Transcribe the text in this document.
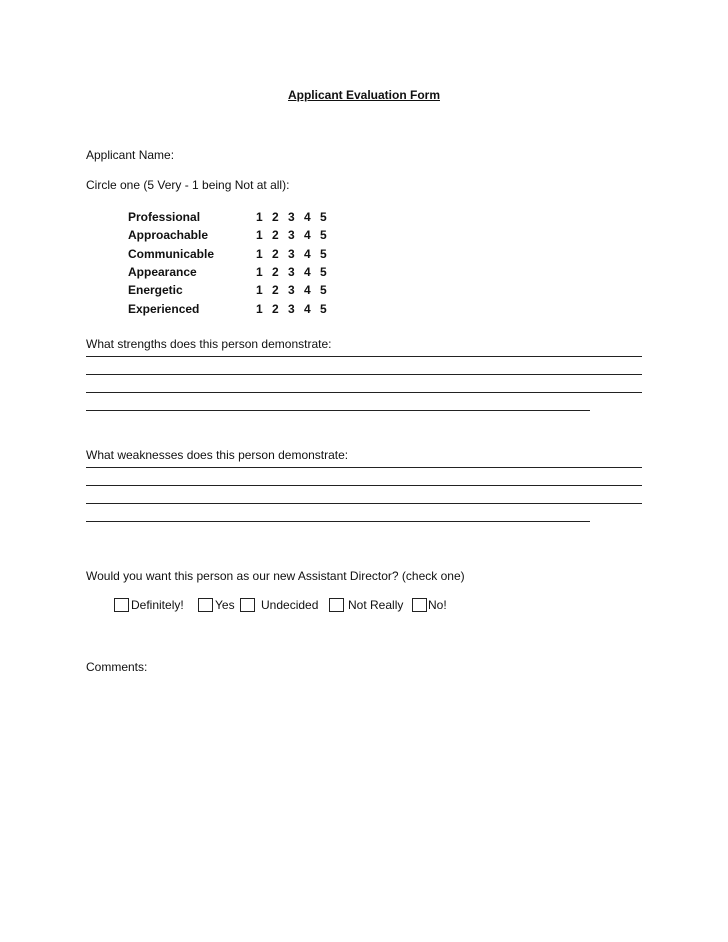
Applicant Evaluation Form
Applicant Name:
Circle one (5 Very - 1 being Not at all):
Professional	1 2 3 4 5
Approachable	1 2 3 4 5
Communicable	1 2 3 4 5
Appearance	1 2 3 4 5
Energetic	1 2 3 4 5
Experienced	1 2 3 4 5
What strengths does this person demonstrate:
What weaknesses does this person demonstrate:
Would you want this person as our new Assistant Director? (check one)
Definitely!	Yes	Undecided	Not Really No!
Comments:
